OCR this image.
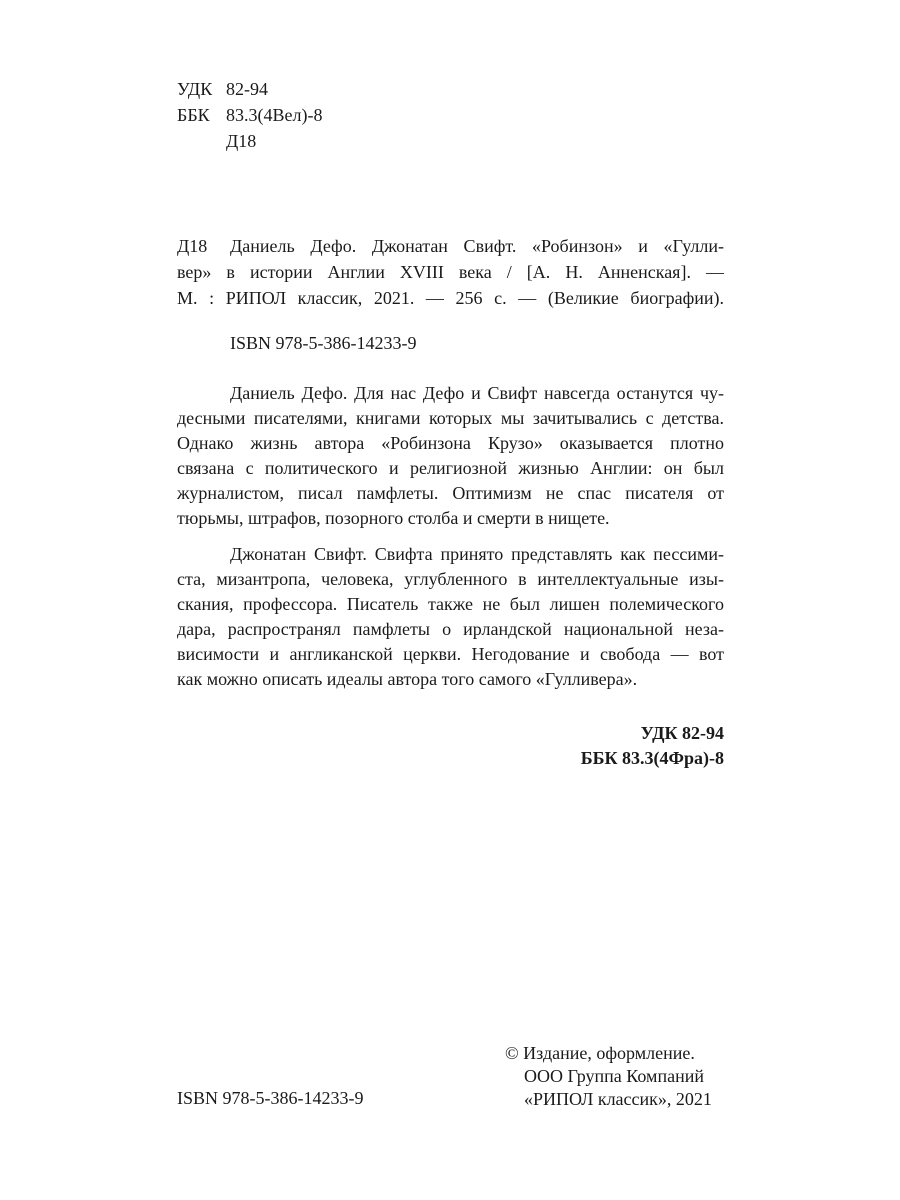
УДК 82-94
ББК 83.3(4Вел)-8
Д18
Д18 Даниель Дефо. Джонатан Свифт. «Робинзон» и «Гулли-
вер» в истории Англии XVIII века / [А. Н. Анненская]. —
М. : РИПОЛ классик, 2021. — 256 с. — (Великие биографии).
ISBN 978-5-386-14233-9
Даниель Дефо. Для нас Дефо и Свифт навсегда останутся чу-
десными писателями, книгами которых мы зачитывались с детства.
Однако жизнь автора «Робинзона Крузо» оказывается плотно
связана с политического и религиозной жизнью Англии: он был
журналистом, писал памфлеты. Оптимизм не спас писателя от
тюрьмы, штрафов, позорного столба и смерти в нищете.
Джонатан Свифт. Свифта принято представлять как пессими-
ста, мизантропа, человека, углубленного в интеллектуальные изы-
скания, профессора. Писатель также не был лишен полемического
дара, распространял памфлеты о ирландской национальной неза-
висимости и англиканской церкви. Негодование и свобода — вот
как можно описать идеалы автора того самого «Гулливера».
УДК 82-94
ББК 83.3(4Фра)-8
ISBN 978-5-386-14233-9
© Издание, оформление.
ООО Группа Компаний
«РИПОЛ классик», 2021
